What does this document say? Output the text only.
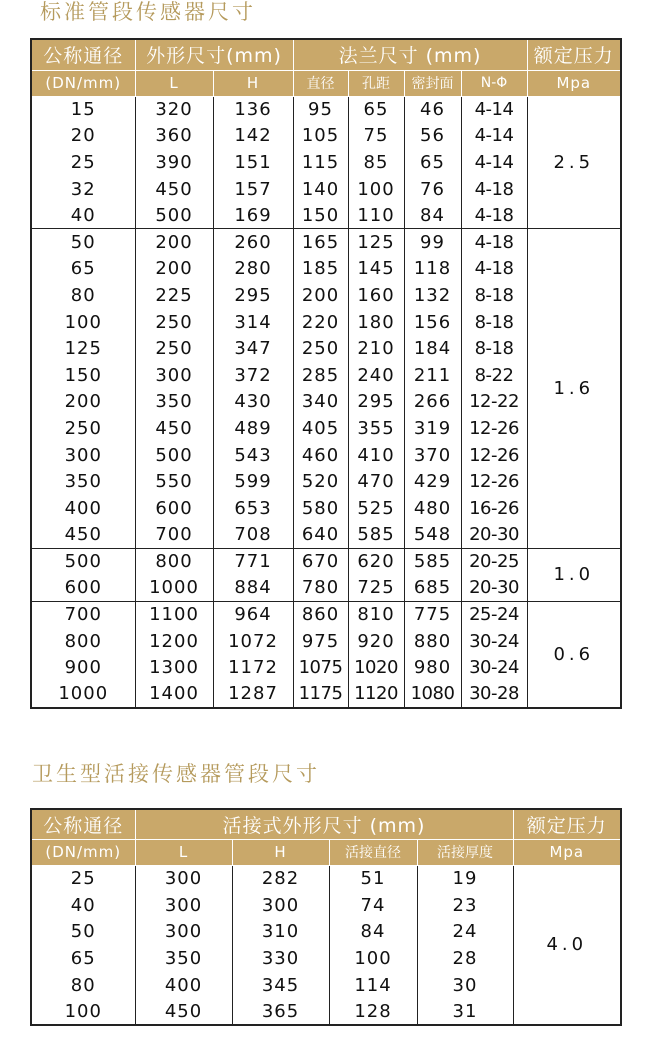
标准管段传感器尺寸
公称通径	外形尺寸(mm)		法兰尺寸 (mm)				额定压力
(DN/mm)	L	H	直径	孔距	密封面	N-Φ	Mpa
15	320	136	95	65	46	4-14	2.5
20	360	142	105	75	56	4-14	
25	390	151	115	85	65	4-14	
32	450	157	140	100	76	4-18	
40	500	169	150	110	84	4-18	
50	200	260	165	125	99	4-18	1.6
65	200	280	185	145	118	4-18	
80	225	295	200	160	132	8-18	
100	250	314	220	180	156	8-18	
125	250	347	250	210	184	8-18	
150	300	372	285	240	211	8-22	
200	350	430	340	295	266	12-22	
250	450	489	405	355	319	12-26	
300	500	543	460	410	370	12-26	
350	550	599	520	470	429	12-26	
400	600	653	580	525	480	16-26	
450	700	708	640	585	548	20-30	
500	800	771	670	620	585	20-25	1.0
600	1000	884	780	725	685	20-30	
700	1100	964	860	810	775	25-24	0.6
800	1200	1072	975	920	880	30-24	
900	1300	1172	1075	1020	980	30-24	
1000	1400	1287	1175	1120	1080	30-28	
卫生型活接传感器管段尺寸
公称通径	活接式外形尺寸 (mm)				额定压力
(DN/mm)	L	H	活接直径	活接厚度	Mpa
25	300	282	51	19	4.0
40	300	300	74	23	
50	300	310	84	24	
65	350	330	100	28	
80	400	345	114	30	
100	450	365	128	31	
